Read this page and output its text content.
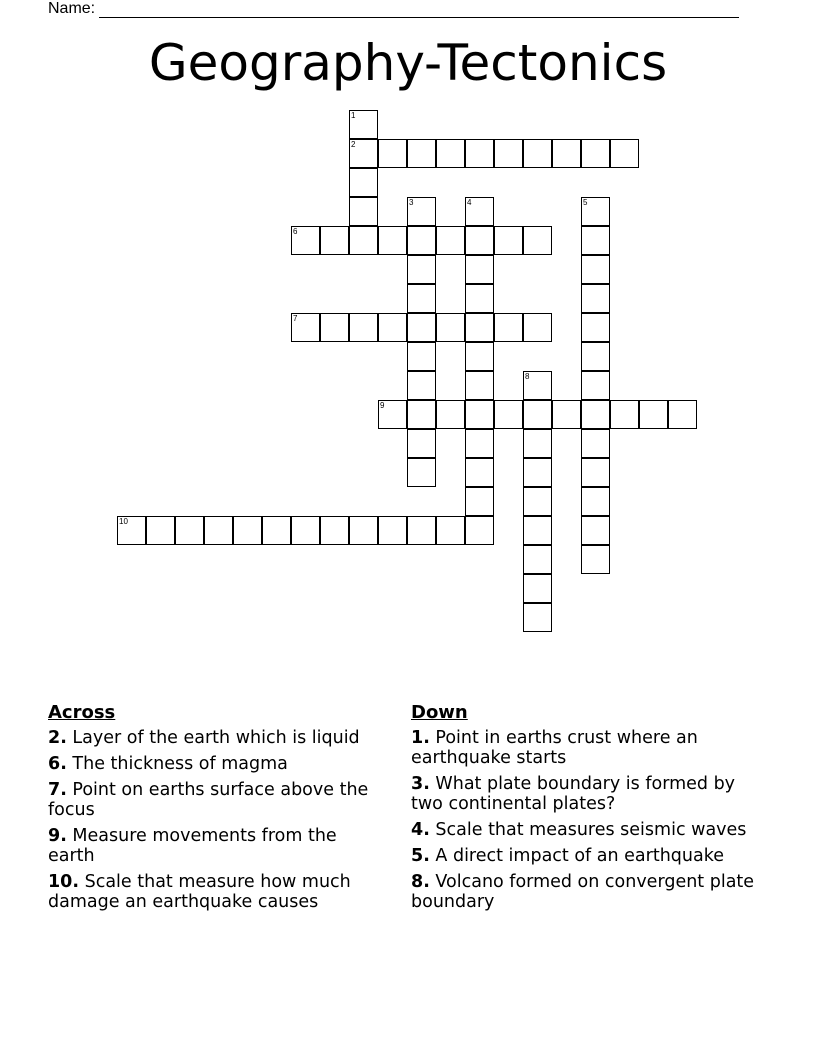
Name:
Geography-Tectonics
1
2
3	4	5
6
7
8
9
10
Across
2. Layer of the earth which is liquid
6. The thickness of magma
7. Point on earths surface above the focus
9. Measure movements from the earth
10. Scale that measure how much damage an earthquake causes
Down
1. Point in earths crust where an earthquake starts
3. What plate boundary is formed by two continental plates?
4. Scale that measures seismic waves
5. A direct impact of an earthquake
8. Volcano formed on convergent plate boundary
